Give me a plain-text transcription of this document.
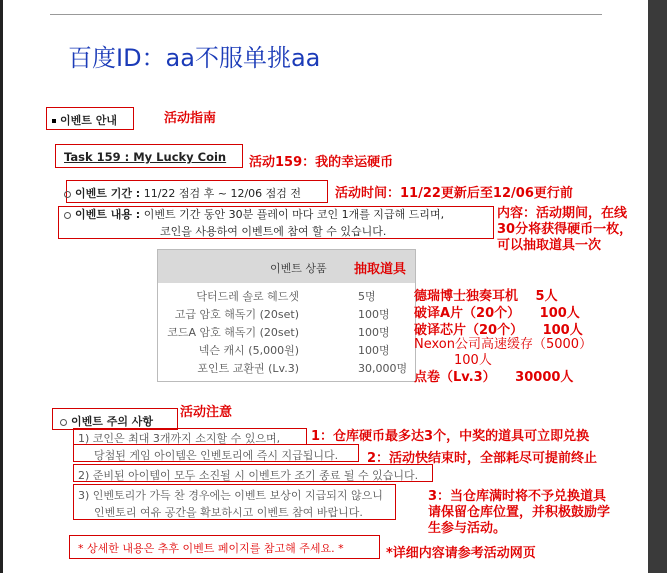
百度ID：aa不服单挑aa
이벤트 안내	活动指南
Task 159 : My Lucky Coin 活动159：我的幸运硬币
이벤트 기간 : 11/22 점검 후 ~ 12/06 점검 전	活动时间：11/22更新后至12/06更行前
이벤트 내용 : 이벤트 기간 동안 30분 플레이 마다 코인 1개를 지급해 드리며,
코인을 사용하여 이벤트에 참여 할 수 있습니다.
内容：活动期间，在线
30分将获得硬币一枚，
可以抽取道具一次
이벤트 상품
닥터드레 솔로 헤드셋	5명
고급 암호 해독기 (20set)	100명
코드A 암호 해독기 (20set)	100명
넥슨 캐시 (5,000원)	100명
포인트 교환권 (Lv.3)	30,000명
抽取道具
德瑞博士独奏耳机　 5人
破译A片（20个）　　100人
破译芯片（20个）　　100人
Nexon公司高速缓存（5000）
100人
点卷（Lv.3）　　30000人
活动注意
이벤트 주의 사항
1) 코인은 최대 3개까지 소지할 수 있으며,
당첨된 게임 아이템은 인벤토리에 즉시 지급됩니다.
1：仓库硬币最多达3个，中奖的道具可立即兑换
2) 준비된 아이템이 모두 소진될 시 이벤트가 조기 종료 될 수 있습니다.
2：活动快结束时，全部耗尽可提前终止
3) 인벤토리가 가득 찬 경우에는 이벤트 보상이 지급되지 않으니
인벤토리 여유 공간을 확보하시고 이벤트 참여 바랍니다.
3：当仓库满时将不予兑换道具
请保留仓库位置，并积极鼓励学
生参与活动。
* 상세한 내용은 추후 이벤트 페이지를 참고해 주세요. *	*详细内容请参考活动网页
